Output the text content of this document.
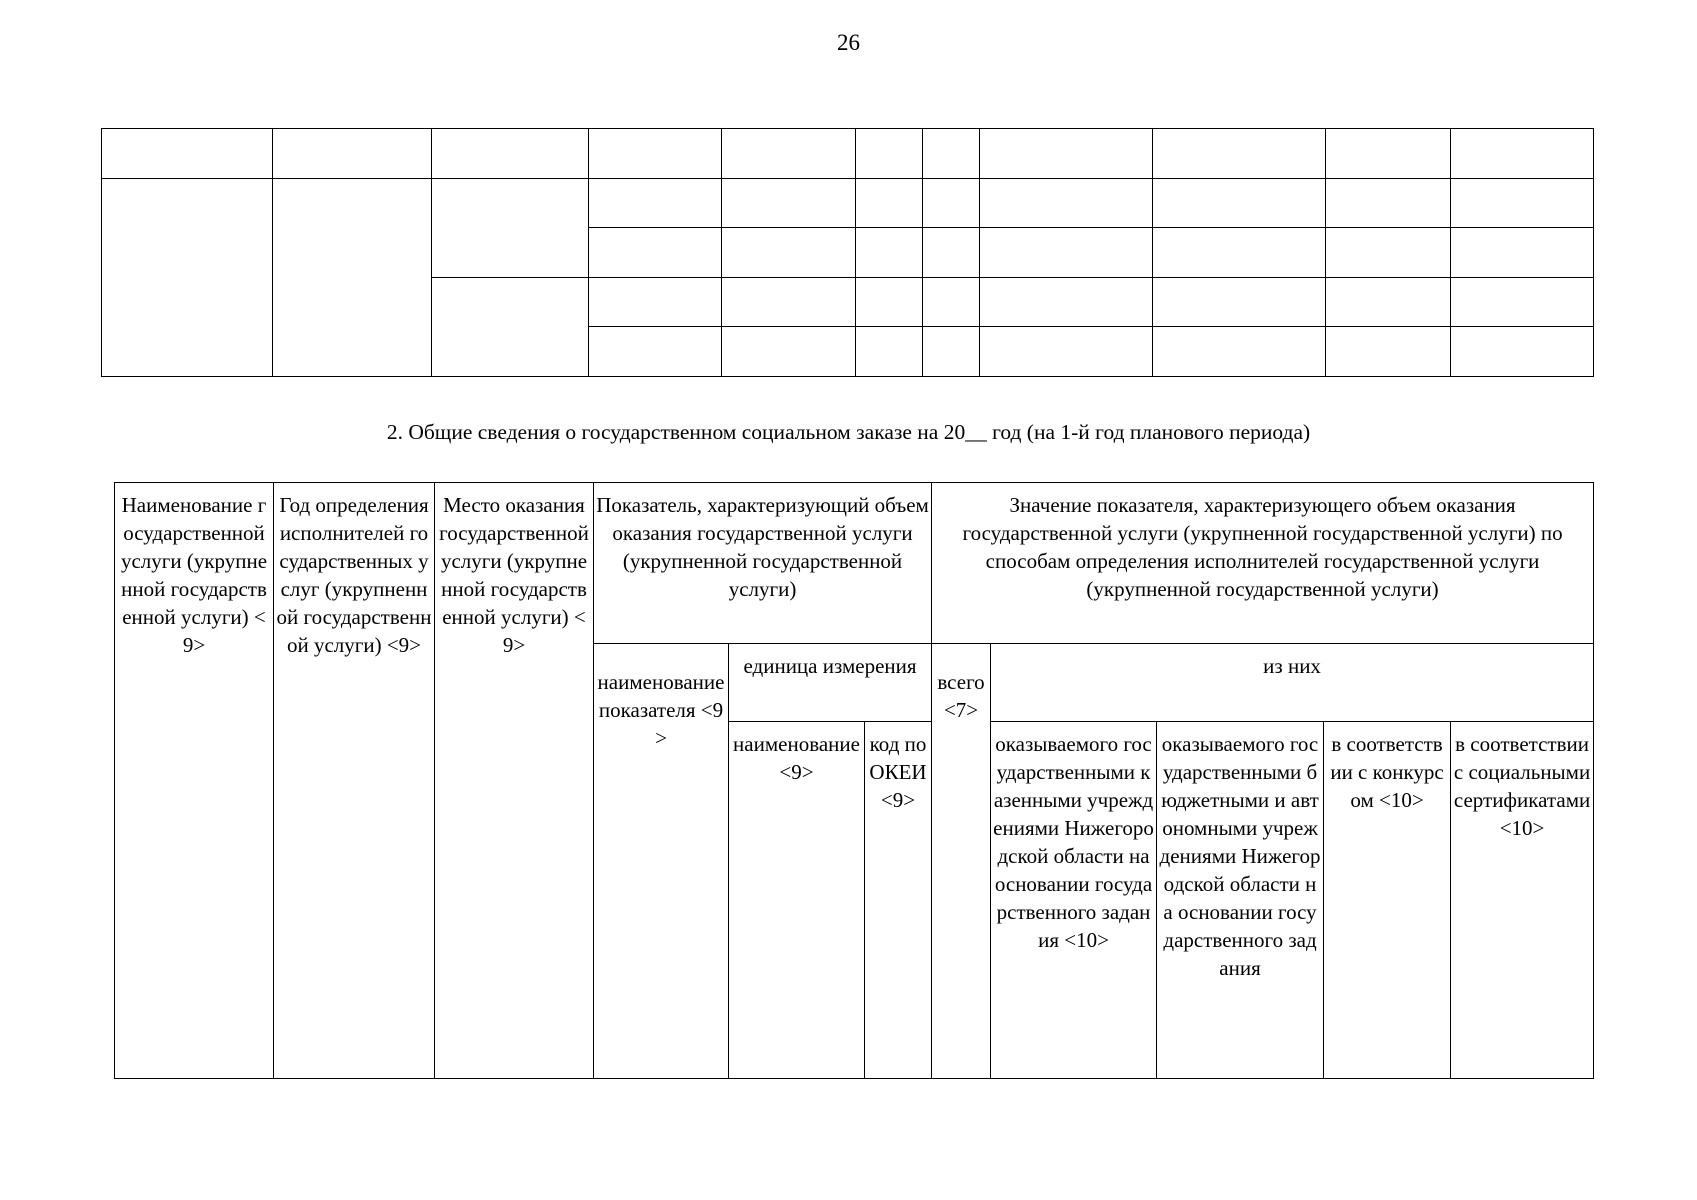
26

2. Общие сведения о государственном социальном заказе на 20__ год (на 1-й год планового периода)
Наименование государственной услуги (укрупненной государственной услуги) <9>	Год определения исполнителей государственных услуг (укрупненной государственной услуги) <9>	Место оказания государственной услуги (укрупненной государственной услуги) <9>	Показатель, характеризующий объем оказания государственной услуги (укрупненной государственной услуги)			Значение показателя, характеризующего объем оказания государственной услуги (укрупненной государственной услуги) по способам определения исполнителей государственной услуги (укрупненной государственной услуги)				
			наименование показателя <9>	единица измерения		всего <7>	из них			
				наименование <9>	код по ОКЕИ <9>		оказываемого государственными казенными учреждениями Нижегородской области на основании государственного задания <10>	оказываемого государственными бюджетными и автономными учреждениями Нижегородской области на основании государственного задания	в соответствии с конкурсом <10>	в соответствии с социальными сертификатами <10>
